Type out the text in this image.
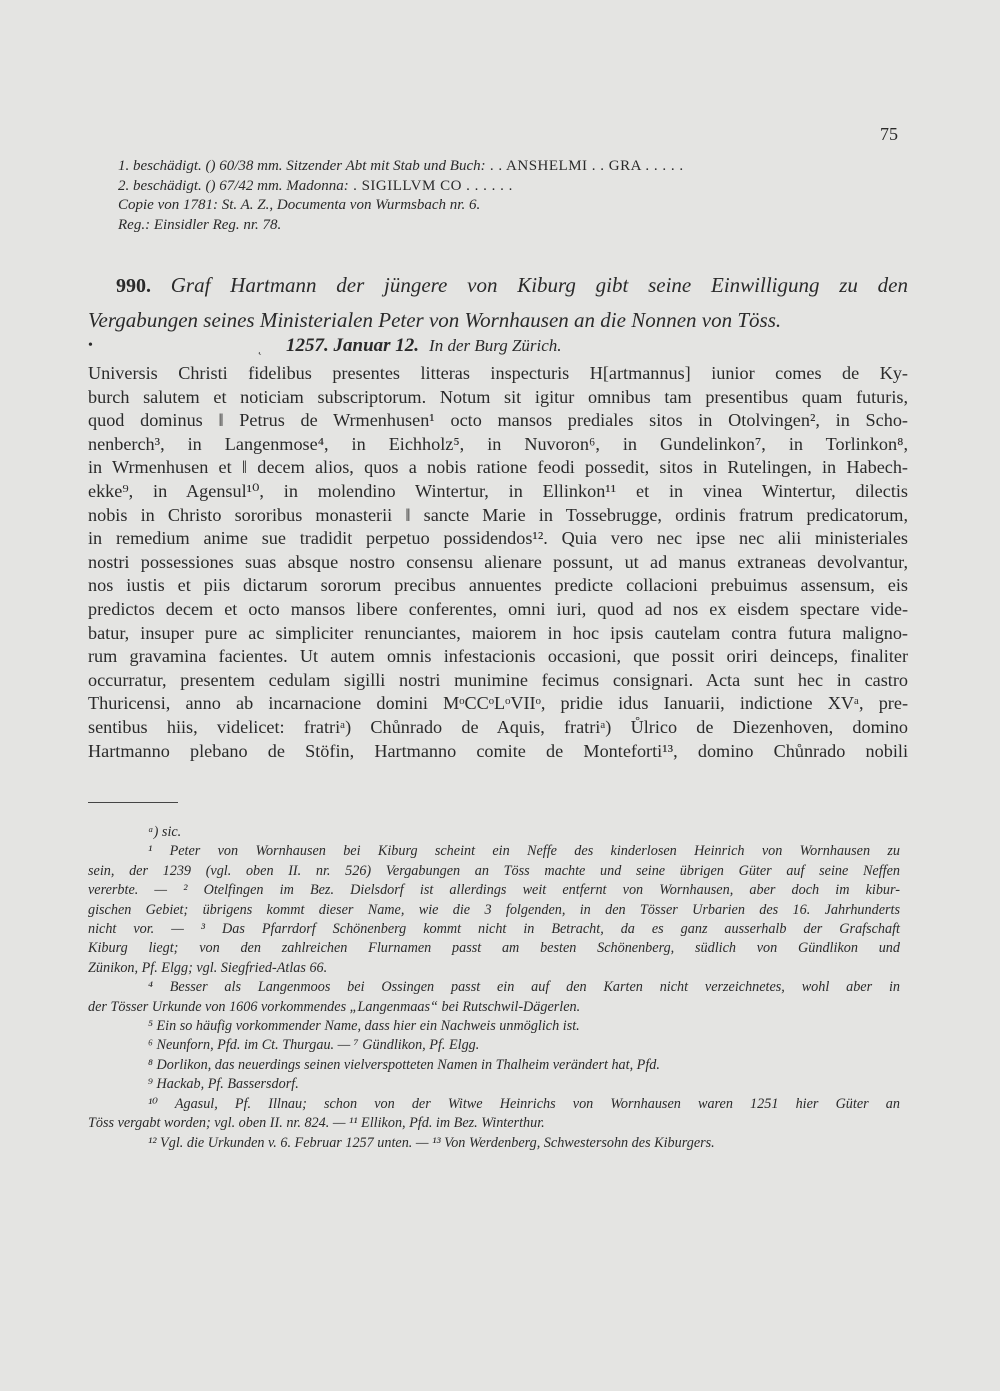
75
1. beschädigt. () 60/38 mm. Sitzender Abt mit Stab und Buch: . . ANSHELMI . . GRA . . . . .
2. beschädigt. () 67/42 mm. Madonna: . SIGILLVM CO . . . . . .
Copie von 1781: St. A. Z., Documenta von Wurmsbach nr. 6.
Reg.: Einsidler Reg. nr. 78.
990. Graf Hartmann der jüngere von Kiburg gibt seine Einwilligung zu den
Vergabungen seines Ministerialen Peter von Wornhausen an die Nonnen von Töss.
•	˛ 1257. Januar 12. In der Burg Zürich.
Universis Christi fidelibus presentes litteras inspecturis H[artmannus] iunior comes de Ky-
burch salutem et noticiam subscriptorum. Notum sit igitur omnibus tam presentibus quam futuris,
quod dominus ‖ Petrus de Wrmenhusen¹ octo mansos prediales sitos in Otolvingen², in Scho-
nenberch³, in Langenmose⁴, in Eichholz⁵, in Nuvoron⁶, in Gundelinkon⁷, in Torlinkon⁸,
in Wrmenhusen et ‖ decem alios, quos a nobis ratione feodi possedit, sitos in Rutelingen, in Habech-
ekke⁹, in Agensul¹⁰, in molendino Wintertur, in Ellinkon¹¹ et in vinea Wintertur, dilectis
nobis in Christo sororibus monasterii ‖ sancte Marie in Tossebrugge, ordinis fratrum predicatorum,
in remedium anime sue tradidit perpetuo possidendos¹². Quia vero nec ipse nec alii ministeriales
nostri possessiones suas absque nostro consensu alienare possunt, ut ad manus extraneas devolvantur,
nos iustis et piis dictarum sororum precibus annuentes predicte collacioni prebuimus assensum, eis
predictos decem et octo mansos libere conferentes, omni iuri, quod ad nos ex eisdem spectare vide-
batur, insuper pure ac simpliciter renunciantes, maiorem in hoc ipsis cautelam contra futura maligno-
rum gravamina facientes. Ut autem omnis infestacionis occasioni, que possit oriri deinceps, finaliter
occurratur, presentem cedulam sigilli nostri munimine fecimus consignari. Acta sunt hec in castro
Thuricensi, anno ab incarnacione domini MᵒCCᵒLᵒVIIᵒ, pridie idus Ianuarii, indictione XVᵃ, pre-
sentibus hiis, videlicet: fratriᵃ) Chůnrado de Aquis, fratriᵃ) Ůlrico de Diezenhoven, domino
Hartmanno plebano de Stöfin, Hartmanno comite de Monteforti¹³, domino Chůnrado nobili
ᵃ) sic.
¹ Peter von Wornhausen bei Kiburg scheint ein Neffe des kinderlosen Heinrich von Wornhausen zu
sein, der 1239 (vgl. oben II. nr. 526) Vergabungen an Töss machte und seine übrigen Güter auf seine Neffen
vererbte. — ² Otelfingen im Bez. Dielsdorf ist allerdings weit entfernt von Wornhausen, aber doch im kibur-
gischen Gebiet; übrigens kommt dieser Name, wie die 3 folgenden, in den Tösser Urbarien des 16. Jahrhunderts
nicht vor. — ³ Das Pfarrdorf Schönenberg kommt nicht in Betracht, da es ganz ausserhalb der Grafschaft
Kiburg liegt; von den zahlreichen Flurnamen passt am besten Schönenberg, südlich von Gündlikon und
Zünikon, Pf. Elgg; vgl. Siegfried-Atlas 66.
⁴ Besser als Langenmoos bei Ossingen passt ein auf den Karten nicht verzeichnetes, wohl aber in
der Tösser Urkunde von 1606 vorkommendes „Langenmaas“ bei Rutschwil-Dägerlen.
⁵ Ein so häufig vorkommender Name, dass hier ein Nachweis unmöglich ist.
⁶ Neunforn, Pfd. im Ct. Thurgau. — ⁷ Gündlikon, Pf. Elgg.
⁸ Dorlikon, das neuerdings seinen vielverspotteten Namen in Thalheim verändert hat, Pfd.
⁹ Hackab, Pf. Bassersdorf.
¹⁰ Agasul, Pf. Illnau; schon von der Witwe Heinrichs von Wornhausen waren 1251 hier Güter an
Töss vergabt worden; vgl. oben II. nr. 824. — ¹¹ Ellikon, Pfd. im Bez. Winterthur.
¹² Vgl. die Urkunden v. 6. Februar 1257 unten. — ¹³ Von Werdenberg, Schwestersohn des Kiburgers.
